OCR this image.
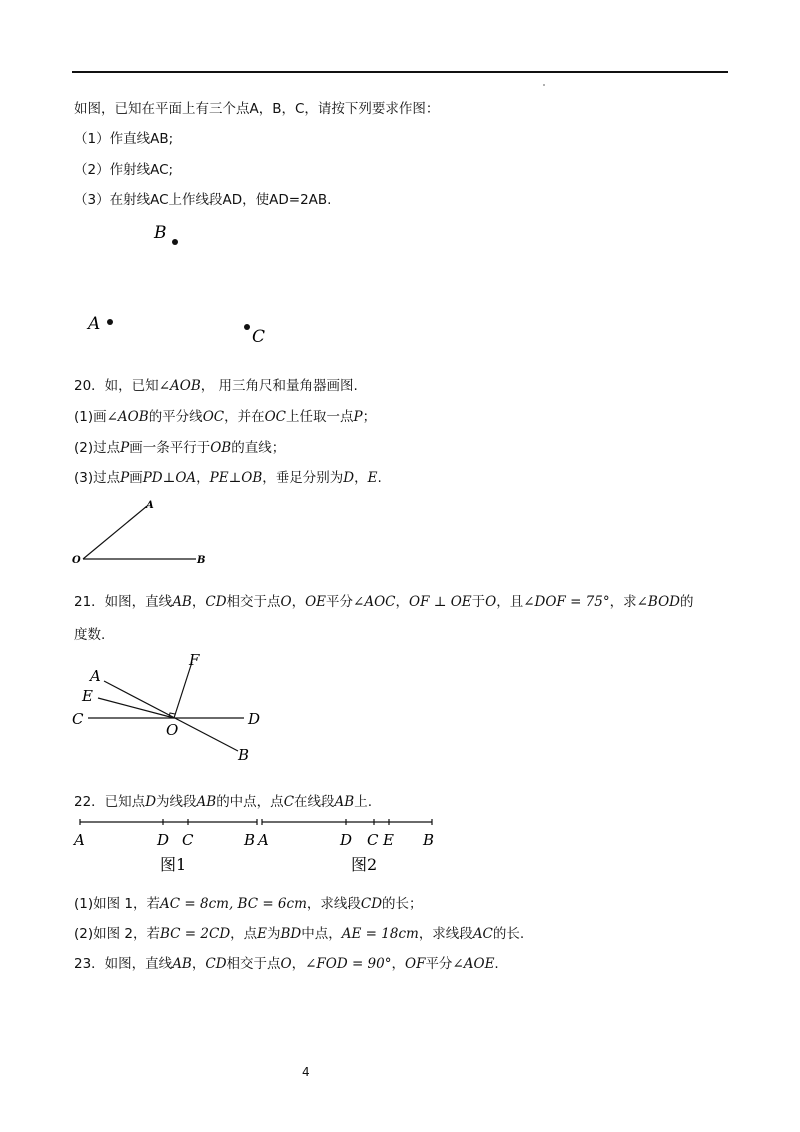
如图，已知在平面上有三个点A，B，C，请按下列要求作图：
（1）作直线AB;
（2）作射线AC;
（3）在射线AC上作线段AD，使AD=2AB.
B
A
C
20．如，已知∠AOB， 用三角尺和量角器画图.
(1)画∠AOB的平分线OC，并在OC上任取一点P；
(2)过点P画一条平行于OB的直线；
(3)过点P画PD⊥OA，PE⊥OB，垂足分别为D，E.
A
O	B
21．如图，直线AB，CD相交于点O，OE平分∠AOC，OF ⊥ OE于O，且∠DOF = 75°，求∠BOD的
度数.
F
A
E
C
O
D
B
22．已知点D为线段AB的中点，点C在线段AB上.
A	D C	B
图1
A	D C E B
图2
(1)如图 1，若AC = 8cm, BC = 6cm，求线段CD的长；
(2)如图 2，若BC = 2CD，点E为BD中点，AE = 18cm，求线段AC的长.
23．如图，直线AB，CD相交于点O，∠FOD = 90°，OF平分∠AOE.
4
